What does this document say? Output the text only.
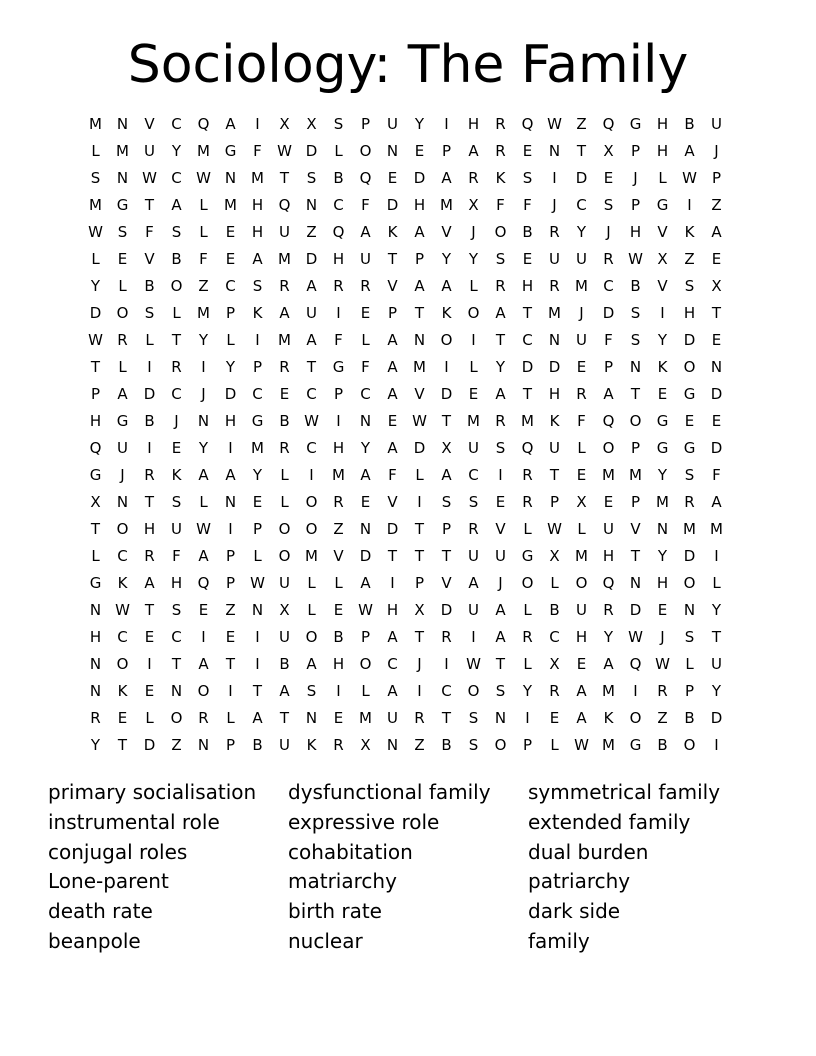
Sociology: The Family
M N	V	C	Q	A	I	X	X	S	P	U	Y	I	H	R	Q W Z	Q	G	H	B	U
L	M	U	Y	M G	F	W D	L	O	N	E	P	A	R	E	N	T	X	P	H	A	J
S	N W C W N M	T	S	B	Q	E	D	A	R	K	S	I	D	E	J	L	W	P
M G	T	A	L	M H	Q	N	C	F	D	H M	X	F	F	J	C	S	P	G	I	Z
W S	F	S	L	E	H	U	Z	Q	A	K	A	V	J	O	B	R	Y	J	H	V	K	A
L	E	V	B	F	E	A	M D	H	U	T	P	Y	Y	S	E	U	U	R W X	Z	E
Y	L	B	O	Z	C	S	R	A	R	R	V	A	A	L	R	H	R	M	C	B	V	S	X
D	O	S	L	M	P	K	A	U	I	E	P	T	K	O	A	T	M	J	D	S	I	H	T
W R	L	T	Y	L	I	M	A	F	L	A	N	O	I	T	C	N	U	F	S	Y	D	E
T	L	I	R	I	Y	P	R	T	G	F	A	M	I	L	Y	D	D	E	P	N	K	O	N
P	A	D	C	J	D	C	E	C	P	C	A	V	D	E	A	T	H	R	A	T	E	G	D
H	G	B	J	N	H	G	B W	I	N	E W T	M	R	M	K	F	Q	O	G	E	E
Q	U	I	E	Y	I	M	R	C	H	Y	A	D	X	U	S	Q	U	L	O	P	G	G	D
G	J	R	K	A	A	Y	L	I	M	A	F	L	A	C	I	R	T	E	M M	Y	S	F
X	N	T	S	L	N	E	L	O	R	E	V	I	S	S	E	R	P	X	E	P	M	R	A
T	O	H	U W	I	P	O	O	Z	N	D	T	P	R	V	L	W	L	U	V	N M M
L	C	R	F	A	P	L	O M	V	D	T	T	T	U	U	G	X	M H	T	Y	D	I
G	K	A	H	Q	P	W U	L	L	A	I	P	V	A	J	O	L	O	Q	N	H	O	L
N W T	S	E	Z	N	X	L	E W H	X	D	U	A	L	B	U	R	D	E	N	Y
H	C	E	C	I	E	I	U	O	B	P	A	T	R	I	A	R	C	H	Y	W	J	S	T
N	O	I	T	A	T	I	B	A	H	O	C	J	I	W T	L	X	E	A	Q W	L	U
N	K	E	N	O	I	T	A	S	I	L	A	I	C	O	S	Y	R	A	M	I	R	P	Y
R	E	L	O	R	L	A	T	N	E	M	U	R	T	S	N	I	E	A	K	O	Z	B	D
Y	T	D	Z	N	P	B	U	K	R	X	N	Z	B	S	O	P	L	W M G	B	O	I
primary socialisation	dysfunctional family	symmetrical family
instrumental role	expressive role	extended family
conjugal roles	cohabitation	dual burden
Lone-parent	matriarchy	patriarchy
death rate	birth rate	dark side
beanpole	nuclear	family
